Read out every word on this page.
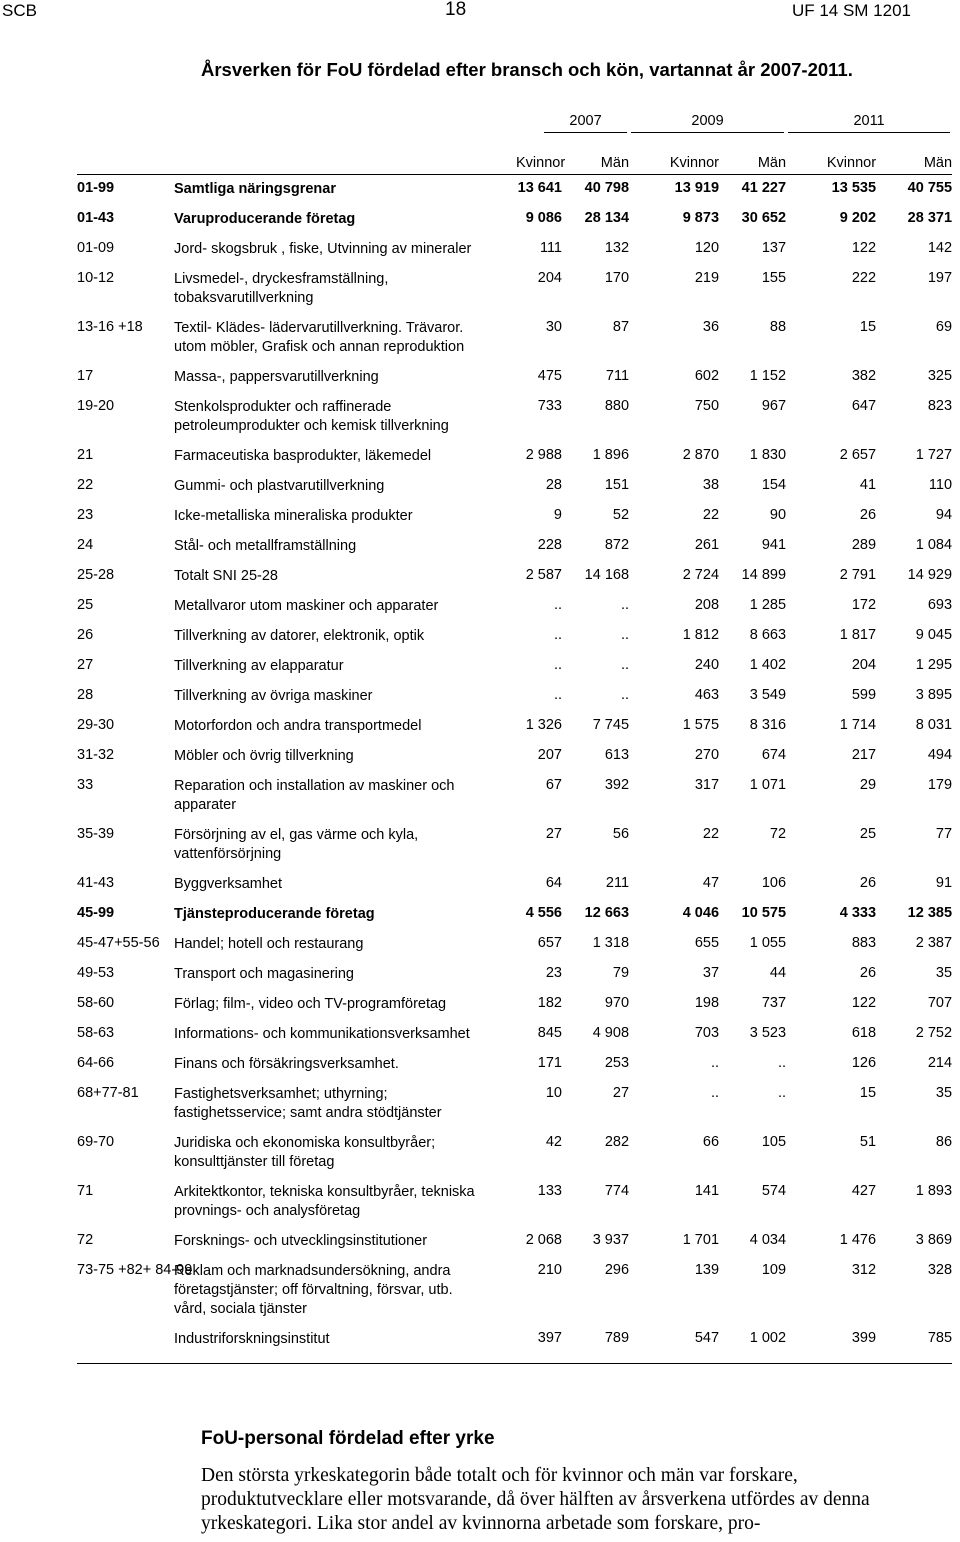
SCB	18	UF 14 SM 1201
Årsverken för FoU fördelad efter bransch och kön, vartannat år 2007-2011.

		2007		2009		2011	

		Kvinnor	Män	Kvinnor	Män	Kvinnor	Män
01-99	Samtliga näringsgrenar	13 641	40 798	13 919	41 227	13 535	40 755
01-43	Varuproducerande företag	9 086	28 134	9 873	30 652	9 202	28 371
01-09	Jord- skogsbruk , fiske, Utvinning av mineraler	111	132	120	137	122	142
10-12	Livsmedel-, dryckesframställning, tobaksvarutillverkning	204	170	219	155	222	197
13-16 +18	Textil- Klädes- lädervarutillverkning. Trävaror. utom möbler, Grafisk och annan reproduktion	30	87	36	88	15	69
17	Massa-, pappersvarutillverkning	475	711	602	1 152	382	325
19-20	Stenkolsprodukter och raffinerade petroleumprodukter och kemisk tillverkning	733	880	750	967	647	823
21	Farmaceutiska basprodukter, läkemedel	2 988	1 896	2 870	1 830	2 657	1 727
22	Gummi- och plastvarutillverkning	28	151	38	154	41	110
23	Icke-metalliska mineraliska produkter	9	52	22	90	26	94
24	Stål- och metallframställning	228	872	261	941	289	1 084
25-28	Totalt SNI 25-28	2 587	14 168	2 724	14 899	2 791	14 929
25	Metallvaror utom maskiner och apparater	..	..	208	1 285	172	693
26	Tillverkning av datorer, elektronik, optik	..	..	1 812	8 663	1 817	9 045
27	Tillverkning av elapparatur	..	..	240	1 402	204	1 295
28	Tillverkning av övriga maskiner	..	..	463	3 549	599	3 895
29-30	Motorfordon och andra transportmedel	1 326	7 745	1 575	8 316	1 714	8 031
31-32	Möbler och övrig tillverkning	207	613	270	674	217	494
33	Reparation och installation av maskiner och apparater	67	392	317	1 071	29	179
35-39	Försörjning av el, gas värme och kyla, vattenförsörjning	27	56	22	72	25	77
41-43	Byggverksamhet	64	211	47	106	26	91
45-99	Tjänsteproducerande företag	4 556	12 663	4 046	10 575	4 333	12 385
45-47+55-56	Handel; hotell och restaurang	657	1 318	655	1 055	883	2 387
49-53	Transport och magasinering	23	79	37	44	26	35
58-60	Förlag; film-, video och TV-programföretag	182	970	198	737	122	707
58-63	Informations- och kommunikationsverksamhet	845	4 908	703	3 523	618	2 752
64-66	Finans och försäkringsverksamhet.	171	253	..	..	126	214
68+77-81	Fastighetsverksamhet; uthyrning; fastighetsservice; samt andra stödtjänster	10	27	..	..	15	35
69-70	Juridiska och ekonomiska konsultbyråer; konsulttjänster till företag	42	282	66	105	51	86
71	Arkitektkontor, tekniska konsultbyråer, tekniska provnings- och analysföretag	133	774	141	574	427	1 893
72	Forsknings- och utvecklingsinstitutioner	2 068	3 937	1 701	4 034	1 476	3 869
73-75 +82+ 84-99	Reklam och marknadsundersökning, andra företagstjänster; off förvaltning, försvar, utb. vård, sociala tjänster	210	296	139	109	312	328
	Industriforskningsinstitut	397	789	547	1 002	399	785
FoU-personal fördelad efter yrke

Den största yrkeskategorin både totalt och för kvinnor och män var forskare, produktutvecklare eller motsvarande, då över hälften av årsverkena utfördes av denna yrkeskategori. Lika stor andel av kvinnorna arbetade som forskare, pro-
